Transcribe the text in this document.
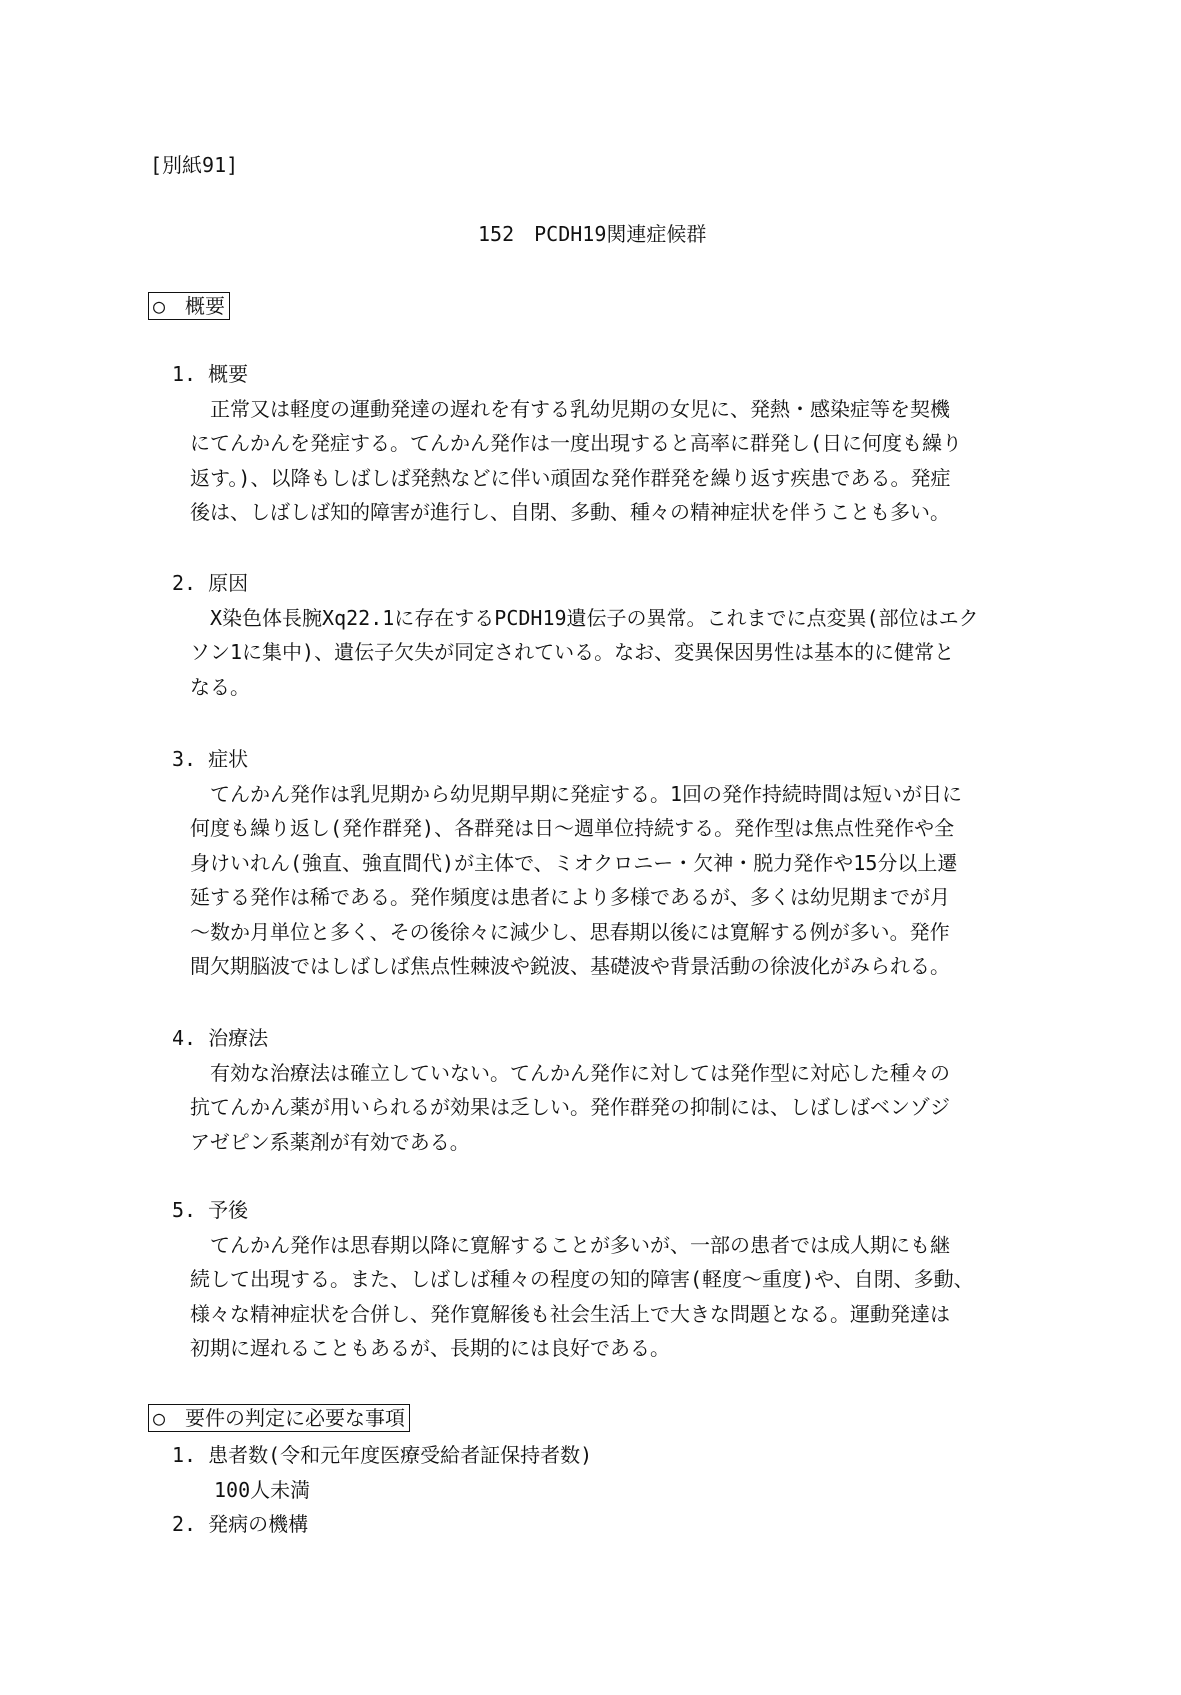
[別紙91]
152　PCDH19関連症候群
○　概要
1. 概要
　正常又は軽度の運動発達の遅れを有する乳幼児期の女児に、発熱・感染症等を契機
にてんかんを発症する。てんかん発作は一度出現すると高率に群発し(日に何度も繰り
返す。)、以降もしばしば発熱などに伴い頑固な発作群発を繰り返す疾患である。発症
後は、しばしば知的障害が進行し、自閉、多動、種々の精神症状を伴うことも多い。
2. 原因
　X染色体長腕Xq22.1に存在するPCDH19遺伝子の異常。これまでに点変異(部位はエク
ソン1に集中)、遺伝子欠失が同定されている。なお、変異保因男性は基本的に健常と
なる。
3. 症状
　てんかん発作は乳児期から幼児期早期に発症する。1回の発作持続時間は短いが日に
何度も繰り返し(発作群発)、各群発は日～週単位持続する。発作型は焦点性発作や全
身けいれん(強直、強直間代)が主体で、ミオクロニー・欠神・脱力発作や15分以上遷
延する発作は稀である。発作頻度は患者により多様であるが、多くは幼児期までが月
～数か月単位と多く、その後徐々に減少し、思春期以後には寛解する例が多い。発作
間欠期脳波ではしばしば焦点性棘波や鋭波、基礎波や背景活動の徐波化がみられる。
4. 治療法
　有効な治療法は確立していない。てんかん発作に対しては発作型に対応した種々の
抗てんかん薬が用いられるが効果は乏しい。発作群発の抑制には、しばしばベンゾジ
アゼピン系薬剤が有効である。
5. 予後
　てんかん発作は思春期以降に寛解することが多いが、一部の患者では成人期にも継
続して出現する。また、しばしば種々の程度の知的障害(軽度～重度)や、自閉、多動、
様々な精神症状を合併し、発作寛解後も社会生活上で大きな問題となる。運動発達は
初期に遅れることもあるが、長期的には良好である。
○　要件の判定に必要な事項
1. 患者数(令和元年度医療受給者証保持者数)
100人未満
2. 発病の機構
